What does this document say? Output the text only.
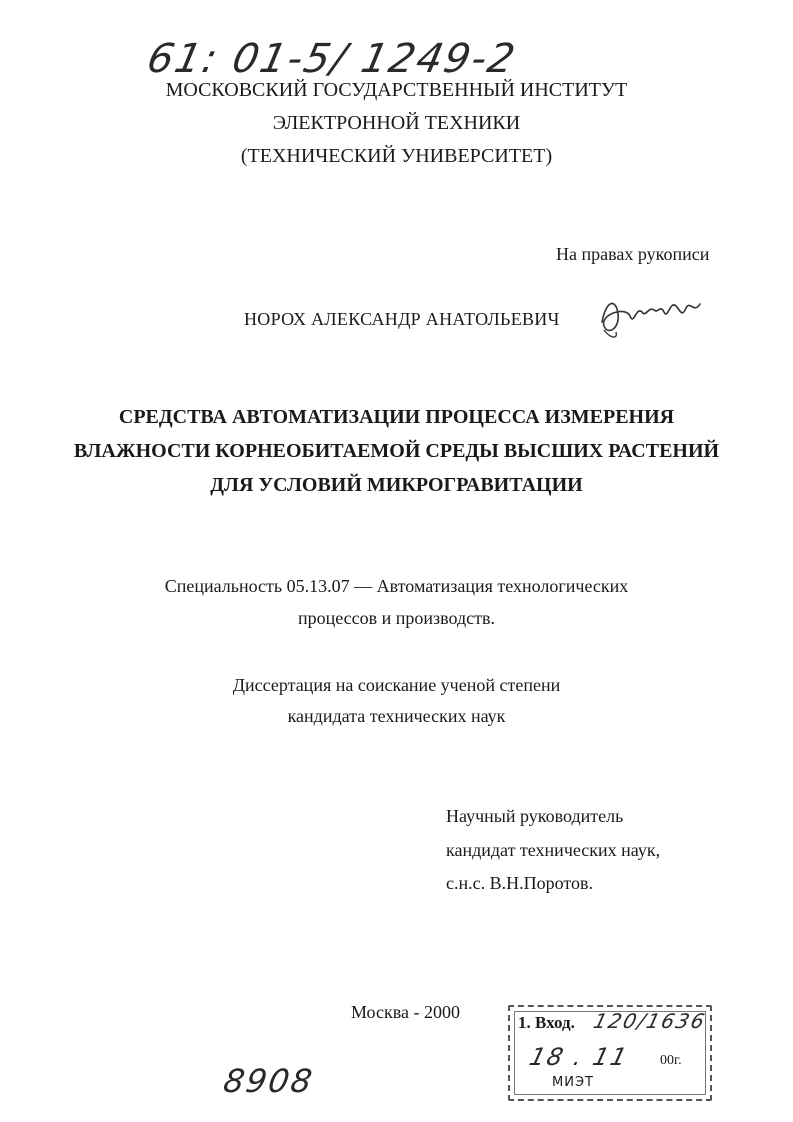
61: 01-5/ 1249-2
МОСКОВСКИЙ ГОСУДАРСТВЕННЫЙ ИНСТИТУТ
ЭЛЕКТРОННОЙ ТЕХНИКИ
(ТЕХНИЧЕСКИЙ УНИВЕРСИТЕТ)
На правах рукописи
НОРОХ АЛЕКСАНДР АНАТОЛЬЕВИЧ
СРЕДСТВА АВТОМАТИЗАЦИИ ПРОЦЕССА ИЗМЕРЕНИЯ
ВЛАЖНОСТИ КОРНЕОБИТАЕМОЙ СРЕДЫ ВЫСШИХ РАСТЕНИЙ
ДЛЯ УСЛОВИЙ МИКРОГРАВИТАЦИИ
Специальность 05.13.07 — Автоматизация технологических
процессов и производств.
Диссертация на соискание ученой степени
кандидата технических наук
Научный руководитель
кандидат технических наук,
с.н.с. В.Н.Поротов.
Москва - 2000
1. Вход. 120/1636
18 . 11 00г.
МИЭТ
8908
